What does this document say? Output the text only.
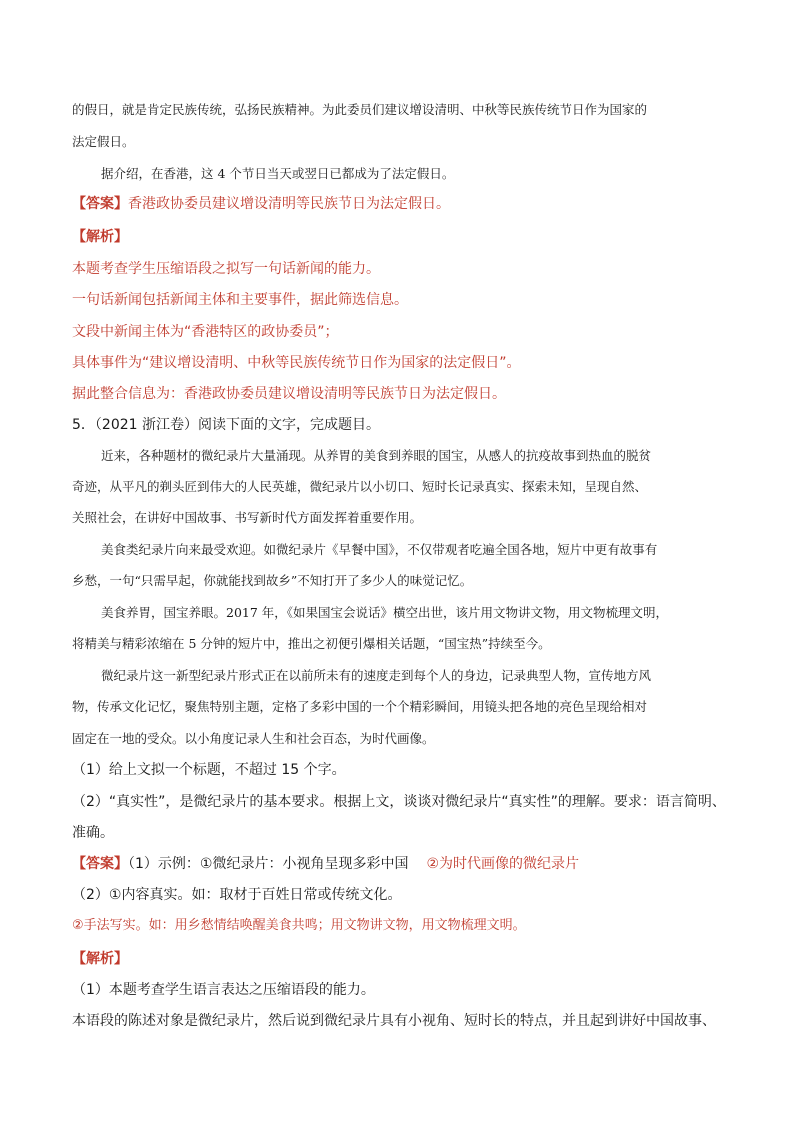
的假日，就是肯定民族传统，弘扬民族精神。为此委员们建议增设清明、中秋等民族传统节日作为国家的
法定假日。
据介绍，在香港，这 4 个节日当天或翌日已都成为了法定假日。
【答案】香港政协委员建议增设清明等民族节日为法定假日。
【解析】
本题考查学生压缩语段之拟写一句话新闻的能力。
一句话新闻包括新闻主体和主要事件，据此筛选信息。
文段中新闻主体为“香港特区的政协委员”；
具体事件为“建议增设清明、中秋等民族传统节日作为国家的法定假日”。
据此整合信息为：香港政协委员建议增设清明等民族节日为法定假日。
5．（2021 浙江卷）阅读下面的文字，完成题目。
近来，各种题材的微纪录片大量涌现。从养胃的美食到养眼的国宝，从感人的抗疫故事到热血的脱贫
奇迹，从平凡的剃头匠到伟大的人民英雄，微纪录片以小切口、短时长记录真实、探索未知，呈现自然、
关照社会，在讲好中国故事、书写新时代方面发挥着重要作用。
美食类纪录片向来最受欢迎。如微纪录片《早餐中国》，不仅带观者吃遍全国各地，短片中更有故事有
乡愁，一句“只需早起，你就能找到故乡”不知打开了多少人的味觉记忆。
美食养胃，国宝养眼。2017 年，《如果国宝会说话》横空出世，该片用文物讲文物，用文物梳理文明，
将精美与精彩浓缩在 5 分钟的短片中，推出之初便引爆相关话题，“国宝热”持续至今。
微纪录片这一新型纪录片形式正在以前所未有的速度走到每个人的身边，记录典型人物，宣传地方风
物，传承文化记忆，聚焦特别主题，定格了多彩中国的一个个精彩瞬间，用镜头把各地的亮色呈现给相对
固定在一地的受众。以小角度记录人生和社会百态，为时代画像。
（1）给上文拟一个标题，不超过 15 个字。
（2）“真实性”，是微纪录片的基本要求。根据上文，谈谈对微纪录片“真实性”的理解。要求：语言简明、
准确。
【答案】（1）示例：①微纪录片：小视角呈现多彩中国 ②为时代画像的微纪录片
（2）①内容真实。如：取材于百姓日常或传统文化。
②手法写实。如：用乡愁情结唤醒美食共鸣；用文物讲文物，用文物梳理文明。
【解析】
（1）本题考查学生语言表达之压缩语段的能力。
本语段的陈述对象是微纪录片，然后说到微纪录片具有小视角、短时长的特点，并且起到讲好中国故事、
